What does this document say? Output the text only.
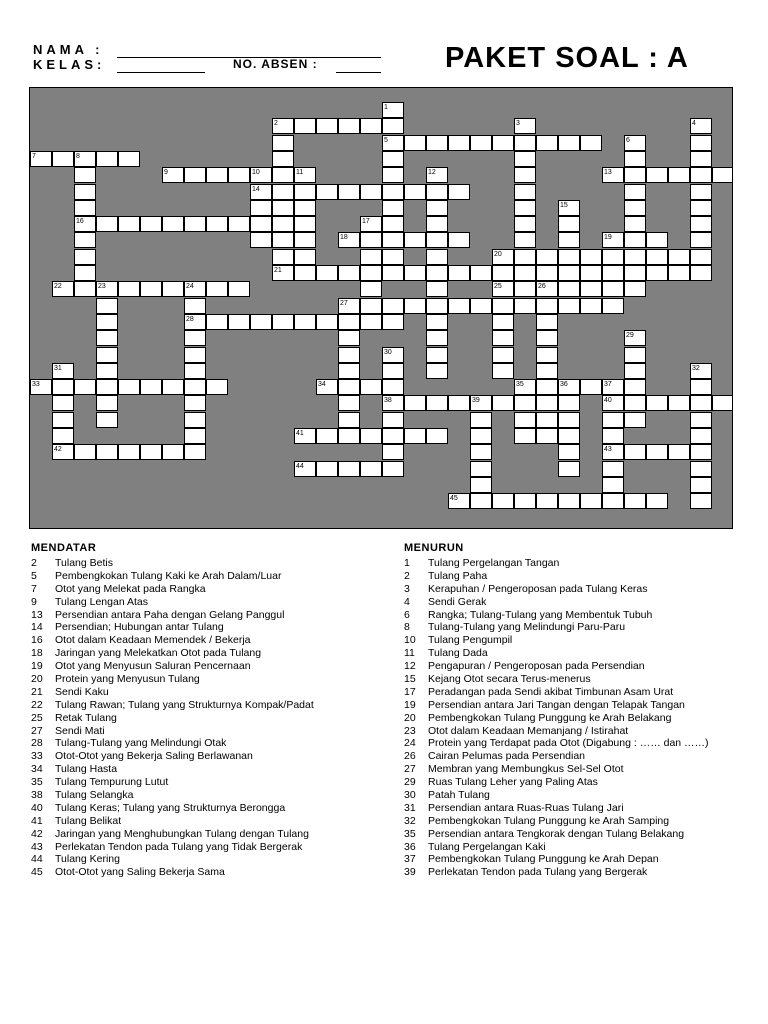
NAMA :
KELAS:	NO. ABSEN :	PAKET SOAL : A
2
5
7	8
9	13
14
16
18	19
20
21
22	23	24	25	26
27
28
33	34	35	36	37
38	39	40
41
42	43
44
45
1
3	4
6
10	11	12
15
17
29
30
31	32
MENDATAR
2	Tulang Betis
5	Pembengkokan Tulang Kaki ke Arah Dalam/Luar
7	Otot yang Melekat pada Rangka
9	Tulang Lengan Atas
13	Persendian antara Paha dengan Gelang Panggul
14	Persendian; Hubungan antar Tulang
16	Otot dalam Keadaan Memendek / Bekerja
18	Jaringan yang Melekatkan Otot pada Tulang
19	Otot yang Menyusun Saluran Pencernaan
20	Protein yang Menyusun Tulang
21	Sendi Kaku
22	Tulang Rawan; Tulang yang Strukturnya Kompak/Padat
25	Retak Tulang
27	Sendi Mati
28	Tulang-Tulang yang Melindungi Otak
33	Otot-Otot yang Bekerja Saling Berlawanan
34	Tulang Hasta
35	Tulang Tempurung Lutut
38	Tulang Selangka
40	Tulang Keras; Tulang yang Strukturnya Berongga
41	Tulang Belikat
42	Jaringan yang Menghubungkan Tulang dengan Tulang
43	Perlekatan Tendon pada Tulang yang Tidak Bergerak
44	Tulang Kering
45	Otot-Otot yang Saling Bekerja Sama
MENURUN
1	Tulang Pergelangan Tangan
2	Tulang Paha
3	Kerapuhan / Pengeroposan pada Tulang Keras
4	Sendi Gerak
6	Rangka; Tulang-Tulang yang Membentuk Tubuh
8	Tulang-Tulang yang Melindungi Paru-Paru
10	Tulang Pengumpil
11	Tulang Dada
12	Pengapuran / Pengeroposan pada Persendian
15	Kejang Otot secara Terus-menerus
17	Peradangan pada Sendi akibat Timbunan Asam Urat
19	Persendian antara Jari Tangan dengan Telapak Tangan
20	Pembengkokan Tulang Punggung ke Arah Belakang
23	Otot dalam Keadaan Memanjang / Istirahat
24	Protein yang Terdapat pada Otot (Digabung : …… dan ……)
26	Cairan Pelumas pada Persendian
27	Membran yang Membungkus Sel-Sel Otot
29	Ruas Tulang Leher yang Paling Atas
30	Patah Tulang
31	Persendian antara Ruas-Ruas Tulang Jari
32	Pembengkokan Tulang Punggung ke Arah Samping
35	Persendian antara Tengkorak dengan Tulang Belakang
36	Tulang Pergelangan Kaki
37	Pembengkokan Tulang Punggung ke Arah Depan
39	Perlekatan Tendon pada Tulang yang Bergerak
